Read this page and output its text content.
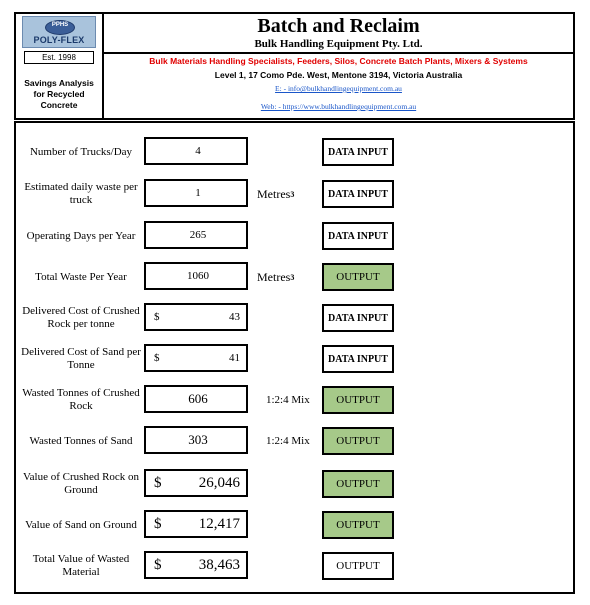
PPHS
POLY-FLEX
Est. 1998
Savings Analysis
for Recycled
Concrete
Batch and Reclaim
Bulk Handling Equipment Pty. Ltd.
Bulk Materials Handling Specialists, Feeders, Silos, Concrete Batch Plants, Mixers & Systems
Level 1, 17 Como Pde. West, Mentone 3194, Victoria Australia
E: - info@bulkhandlingequipment.com.au
Web: - https://www.bulkhandlingequipment.com.au
Number of Trucks/Day	4	DATA INPUT
Estimated daily waste per truck
1	Metres 3	DATA INPUT
Operating Days per Year	265	DATA INPUT
Total Waste Per Year	1060	Metres 3	OUTPUT
Delivered Cost of Crushed Rock per tonne
$	43	DATA INPUT
Delivered Cost of Sand per Tonne
$	41	DATA INPUT
Wasted Tonnes of Crushed Rock	606	1:2:4 Mix	OUTPUT
Wasted Tonnes of Sand	303	1:2:4 Mix	OUTPUT
Value of Crushed Rock on Ground	$	26,046	OUTPUT
Value of Sand on Ground	$	12,417	OUTPUT
Total Value of Wasted Material	$	38,463	OUTPUT
